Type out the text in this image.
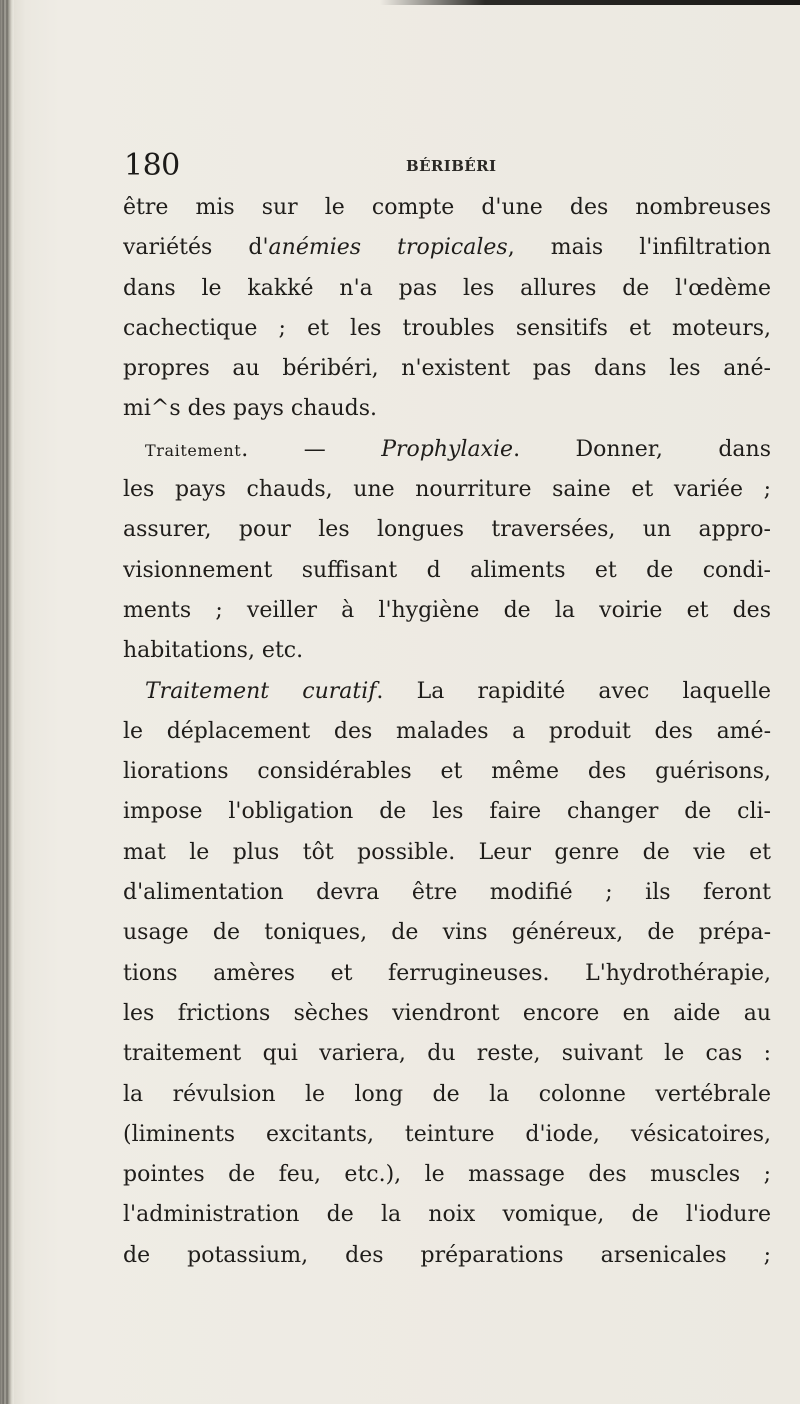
180	BÉRIBÉRI
être mis sur le compte d'une des nombreuses
variétés d'anémies tropicales, mais l'infiltration
dans le kakké n'a pas les allures de l'œdème
cachectique ; et les troubles sensitifs et moteurs,
propres au béribéri, n'existent pas dans les ané-
mi^s des pays chauds.
Traitement. — Prophylaxie. Donner, dans
les pays chauds, une nourriture saine et variée ;
assurer, pour les longues traversées, un appro-
visionnement suffisant d aliments et de condi-
ments ; veiller à l'hygiène de la voirie et des
habitations, etc.
Traitement curatif. La rapidité avec laquelle
le déplacement des malades a produit des amé-
liorations considérables et même des guérisons,
impose l'obligation de les faire changer de cli-
mat le plus tôt possible. Leur genre de vie et
d'alimentation devra être modifié ; ils feront
usage de toniques, de vins généreux, de prépa-
tions amères et ferrugineuses. L'hydrothérapie,
les frictions sèches viendront encore en aide au
traitement qui variera, du reste, suivant le cas :
la révulsion le long de la colonne vertébrale
(liminents excitants, teinture d'iode, vésicatoires,
pointes de feu, etc.), le massage des muscles ;
l'administration de la noix vomique, de l'iodure
de potassium, des préparations arsenicales ;
